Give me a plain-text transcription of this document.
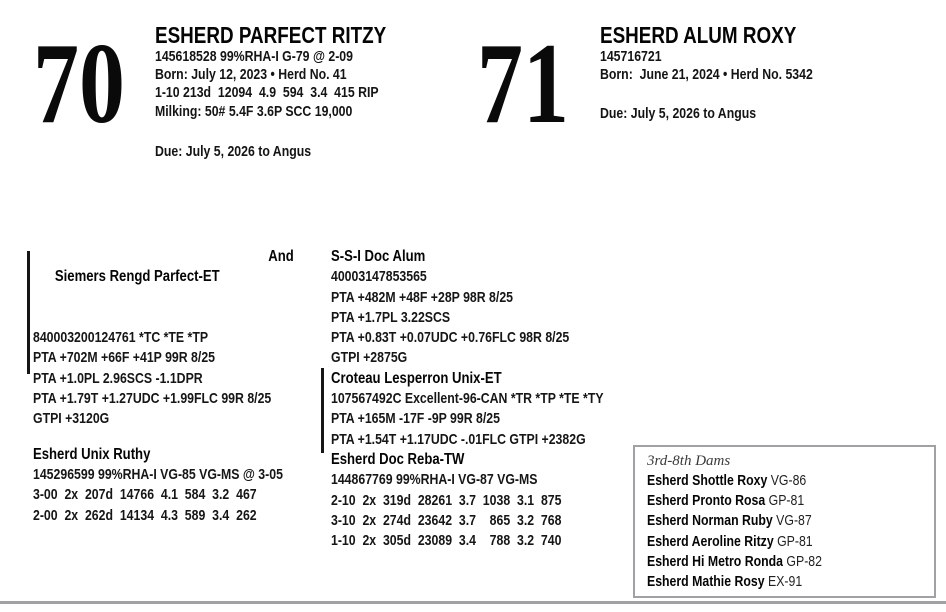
70 ESHERD PARFECT RITZY
145618528 99%RHA-I G-79 @ 2-09
Born: July 12, 2023 • Herd No. 41
1-10 213d  12094  4.9  594  3.4  415 RIP
Milking: 50# 5.4F 3.6P SCC 19,000
Due: July 5, 2026 to Angus
71 ESHERD ALUM ROXY
145716721
Born:  June 21, 2024 • Herd No. 5342
Due: July 5, 2026 to Angus

Siemers Rengd Parfect-ET

And

840003200124761 *TC *TE *TP
PTA +702M +66F +41P 99R 8/25
PTA +1.0PL 2.96SCS -1.1DPR
PTA +1.79T +1.27UDC +1.99FLC 99R 8/25
GTPI +3120G
Esherd Unix Ruthy
145296599 99%RHA-I VG-85 VG-MS @ 3-05
3-00  2x  207d  14766  4.1  584  3.2  467
2-00  2x  262d  14134  4.3  589  3.4  262
S-S-I Doc Alum
40003147853565
PTA +482M +48F +28P 98R 8/25
PTA +1.7PL 3.22SCS
PTA +0.83T +0.07UDC +0.76FLC 98R 8/25
GTPI +2875G
Croteau Lesperron Unix-ET
107567492C Excellent-96-CAN *TR *TP *TE *TY
PTA +165M -17F -9P 99R 8/25
PTA +1.54T +1.17UDC -.01FLC GTPI +2382G
Esherd Doc Reba-TW
144867769 99%RHA-I VG-87 VG-MS
2-10  2x  319d  28261  3.7  1038  3.1  875
3-10  2x  274d  23642  3.7    865  3.2  768
1-10  2x  305d  23089  3.4    788  3.2  740
3rd-8th Dams
Esherd Shottle Roxy VG-86
Esherd Pronto Rosa GP-81
Esherd Norman Ruby VG-87
Esherd Aeroline Ritzy GP-81
Esherd Hi Metro Ronda GP-82
Esherd Mathie Rosy EX-91
